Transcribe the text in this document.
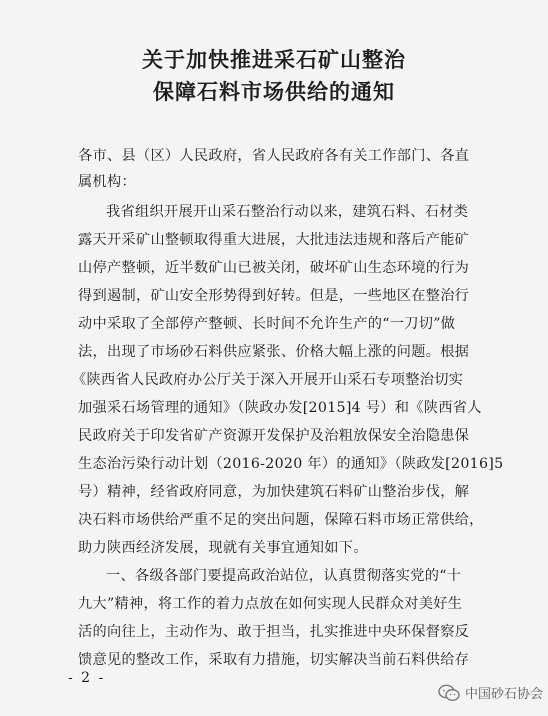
关于加快推进采石矿山整治
保障石料市场供给的通知
各市、县（区）人民政府，省人民政府各有关工作部门、各直
属机构：
我省组织开展开山采石整治行动以来，建筑石料、石材类
露天开采矿山整顿取得重大进展，大批违法违规和落后产能矿
山停产整顿，近半数矿山已被关闭，破坏矿山生态环境的行为
得到遏制，矿山安全形势得到好转。但是，一些地区在整治行
动中采取了全部停产整顿、长时间不允许生产的“一刀切”做
法，出现了市场砂石料供应紧张、价格大幅上涨的问题。根据
《陕西省人民政府办公厅关于深入开展开山采石专项整治切实
加强采石场管理的通知》（陕政办发[2015]4 号）和《陕西省人
民政府关于印发省矿产资源开发保护及治粗放保安全治隐患保
生态治污染行动计划（2016-2020 年）的通知》（陕政发[2016]5
号）精神，经省政府同意，为加快建筑石料矿山整治步伐，解
决石料市场供给严重不足的突出问题，保障石料市场正常供给，
助力陕西经济发展，现就有关事宜通知如下。
一、各级各部门要提高政治站位，认真贯彻落实党的“十
九大”精神，将工作的着力点放在如何实现人民群众对美好生
活的向往上，主动作为、敢于担当，扎实推进中央环保督察反
馈意见的整改工作，采取有力措施，切实解决当前石料供给存
- 2 -
中国砂石协会
